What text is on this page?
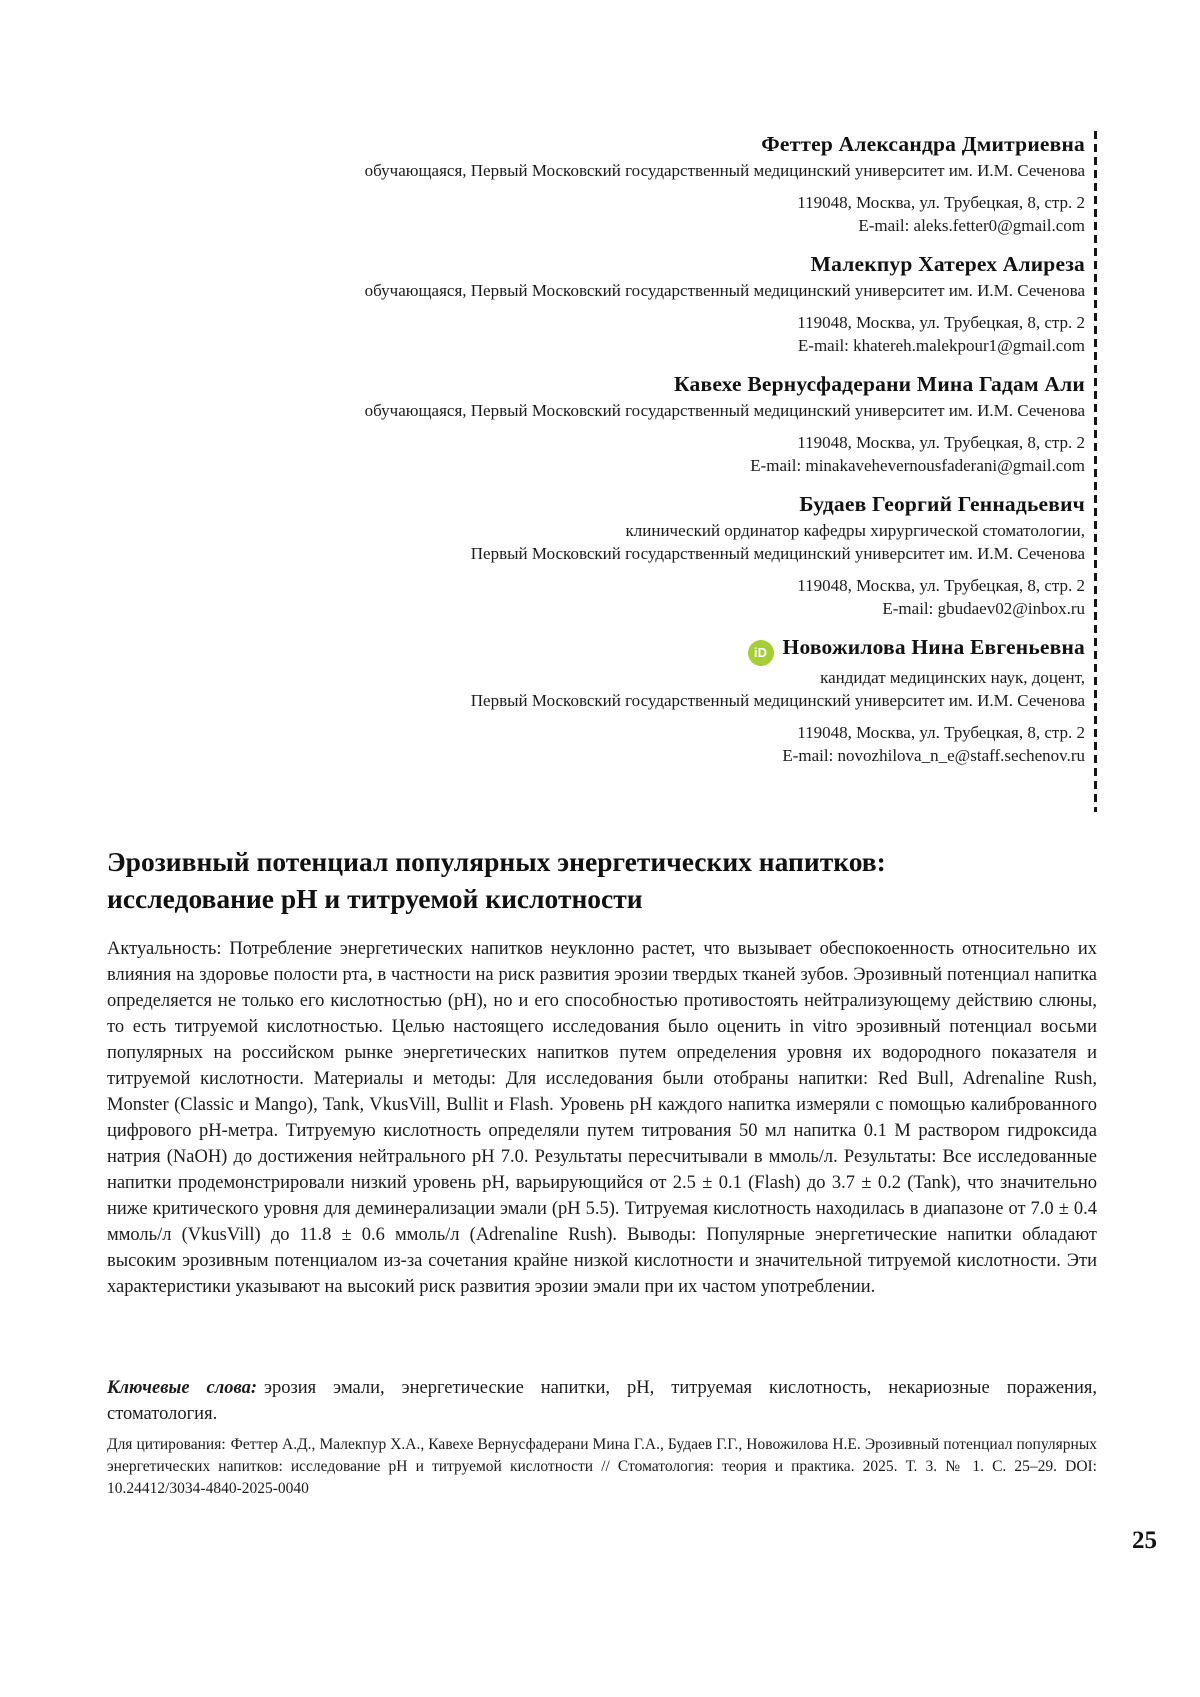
Феттер Александра Дмитриевна
обучающаяся, Первый Московский государственный медицинский университет им. И.М. Сеченова
119048, Москва, ул. Трубецкая, 8, стр. 2
E-mail: aleks.fetter0@gmail.com
Малекпур Хатерех Алиреза
обучающаяся, Первый Московский государственный медицинский университет им. И.М. Сеченова
119048, Москва, ул. Трубецкая, 8, стр. 2
E-mail: khatereh.malekpour1@gmail.com
Кавехе Вернусфадерани Мина Гадам Али
обучающаяся, Первый Московский государственный медицинский университет им. И.М. Сеченова
119048, Москва, ул. Трубецкая, 8, стр. 2
E-mail: minakavehevernousfaderani@gmail.com
Будаев Георгий Геннадьевич
клинический ординатор кафедры хирургической стоматологии,
Первый Московский государственный медицинский университет им. И.М. Сеченова
119048, Москва, ул. Трубецкая, 8, стр. 2
E-mail: gbudaev02@inbox.ru
iD Новожилова Нина Евгеньевна
кандидат медицинских наук, доцент,
Первый Московский государственный медицинский университет им. И.М. Сеченова
119048, Москва, ул. Трубецкая, 8, стр. 2
E-mail: novozhilova_n_e@staff.sechenov.ru
Эрозивный потенциал популярных энергетических напитков:
исследование pH и титруемой кислотности
Актуальность: Потребление энергетических напитков неуклонно растет, что вызывает обеспокоенность относительно их влияния на здоровье полости рта, в частности на риск развития эрозии твердых тканей зубов. Эрозивный потенциал напитка определяется не только его кислотностью (pH), но и его способностью противостоять нейтрализующему действию слюны, то есть титруемой кислотностью. Целью настоящего исследования было оценить in vitro эрозивный потенциал восьми популярных на российском рынке энергетических напитков путем определения уровня их водородного показателя и титруемой кислотности. Материалы и методы: Для исследования были отобраны напитки: Red Bull, Adrenaline Rush, Monster (Classic и Mango), Tank, VkusVill, Bullit и Flash. Уровень pH каждого напитка измеряли с помощью калиброванного цифрового pH-метра. Титруемую кислотность определяли путем титрования 50 мл напитка 0.1 М раствором гидроксида натрия (NaOH) до достижения нейтрального pH 7.0. Результаты пересчитывали в ммоль/л. Результаты: Все исследованные напитки продемонстрировали низкий уровень pH, варьирующийся от 2.5 ± 0.1 (Flash) до 3.7 ± 0.2 (Tank), что значительно ниже критического уровня для деминерализации эмали (pH 5.5). Титруемая кислотность находилась в диапазоне от 7.0 ± 0.4 ммоль/л (VkusVill) до 11.8 ± 0.6 ммоль/л (Adrenaline Rush). Выводы: Популярные энергетические напитки обладают высоким эрозивным потенциалом из-за сочетания крайне низкой кислотности и значительной титруемой кислотности. Эти характеристики указывают на высокий риск развития эрозии эмали при их частом употреблении.
Ключевые слова: эрозия эмали, энергетические напитки, pH, титруемая кислотность, некариозные поражения, стоматология.
Для цитирования: Феттер А.Д., Малекпур Х.А., Кавехе Вернусфадерани Мина Г.А., Будаев Г.Г., Новожилова Н.Е. Эрозивный потенциал популярных энергетических напитков: исследование pH и титруемой кислотности // Стоматология: теория и практика. 2025. Т. 3. № 1. С. 25–29. DOI: 10.24412/3034-4840-2025-0040
25
